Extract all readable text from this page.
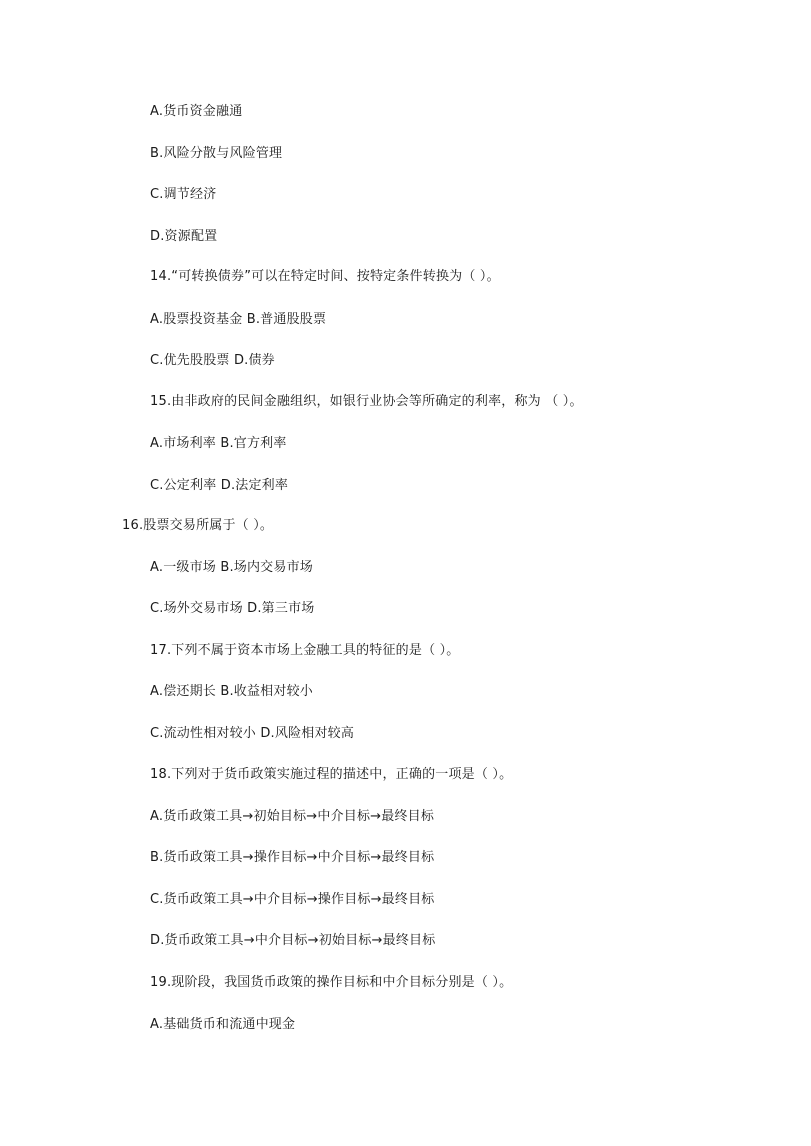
A.货币资金融通
B.风险分散与风险管理
C.调节经济
D.资源配置
14.“可转换债券”可以在特定时间、按特定条件转换为（ ）。
A.股票投资基金 B.普通股股票
C.优先股股票 D.债券
15.由非政府的民间金融组织，如银行业协会等所确定的利率，称为 （ ）。
A.市场利率 B.官方利率
C.公定利率 D.法定利率
16.股票交易所属于（ ）。
A.一级市场 B.场内交易市场
C.场外交易市场 D.第三市场
17.下列不属于资本市场上金融工具的特征的是（ ）。
A.偿还期长 B.收益相对较小
C.流动性相对较小 D.风险相对较高
18.下列对于货币政策实施过程的描述中，正确的一项是（ ）。
A.货币政策工具→初始目标→中介目标→最终目标
B.货币政策工具→操作目标→中介目标→最终目标
C.货币政策工具→中介目标→操作目标→最终目标
D.货币政策工具→中介目标→初始目标→最终目标
19.现阶段，我国货币政策的操作目标和中介目标分别是（ ）。
A.基础货币和流通中现金
